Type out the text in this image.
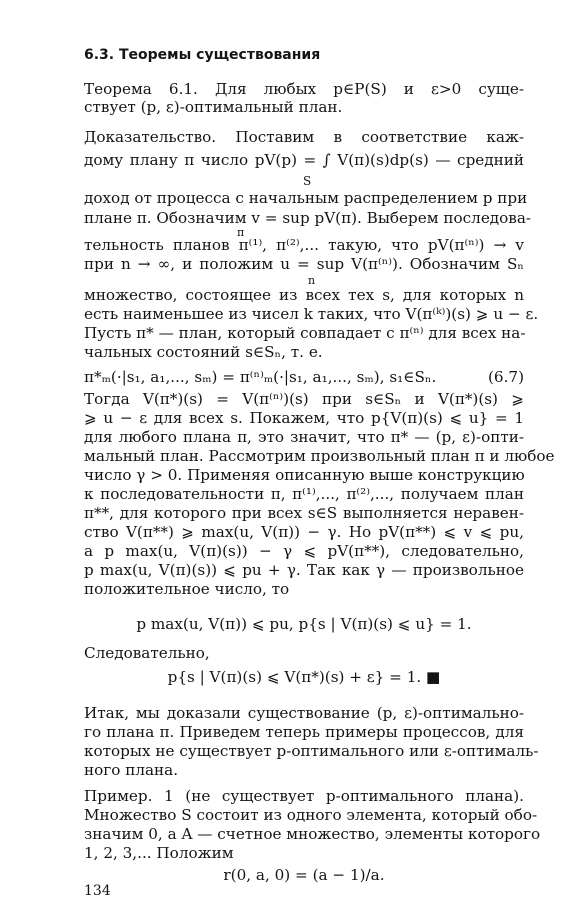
6.3. Теоремы существования
Теорема 6.1. Для любых p∈P(S) и ε>0 суще-
ствует (p, ε)-оптимальный план.
Доказательство. Поставим в соответствие каж-
дому плану π число pV(p) = ∫ V(π)(s)dp(s) — средний
S
доход от процесса с начальным распределением p при
плане π. Обозначим v = sup pV(π). Выберем последова-
π
тельность планов π⁽¹⁾, π⁽²⁾,... такую, что pV(π⁽ⁿ⁾) → v
при n → ∞, и положим u = sup V(π⁽ⁿ⁾). Обозначим Sₙ
n
множество, состоящее из всех тех s, для которых n
есть наименьшее из чисел k таких, что V(π⁽ᵏ⁾)(s) ⩾ u − ε.
Пусть π* — план, который совпадает с π⁽ⁿ⁾ для всех на-
чальных состояний s∈Sₙ, т. е.
π*ₘ(·|s₁, a₁,..., sₘ) = π⁽ⁿ⁾ₘ(·|s₁, a₁,..., sₘ), s₁∈Sₙ.	(6.7)
Тогда V(π*)(s) = V(π⁽ⁿ⁾)(s) при s∈Sₙ и V(π*)(s) ⩾
⩾ u − ε для всех s. Покажем, что p{V(π)(s) ⩽ u} = 1
для любого плана π, это значит, что π* — (p, ε)-опти-
мальный план. Рассмотрим произвольный план π и любое
число γ > 0. Применяя описанную выше конструкцию
к последовательности π, π⁽¹⁾,..., π⁽²⁾,..., получаем план
π**, для которого при всех s∈S выполняется неравен-
ство V(π**) ⩾ max(u, V(π)) − γ. Но pV(π**) ⩽ v ⩽ pu,
а p max(u, V(π)(s)) − γ ⩽ pV(π**), следовательно,
p max(u, V(π)(s)) ⩽ pu + γ. Так как γ — произвольное
положительное число, то
p max(u, V(π)) ⩽ pu, p{s | V(π)(s) ⩽ u} = 1.
Следовательно,
p{s | V(π)(s) ⩽ V(π*)(s) + ε} = 1. ■
Итак, мы доказали существование (p, ε)-оптимально-
го плана π. Приведем теперь примеры процессов, для
которых не существует p-оптимального или ε-оптималь-
ного плана.
Пример. 1 (не существует p-оптимального плана).
Множество S состоит из одного элемента, который обо-
значим 0, а A — счетное множество, элементы которого
1, 2, 3,... Положим
r(0, a, 0) = (a − 1)/a.
134
